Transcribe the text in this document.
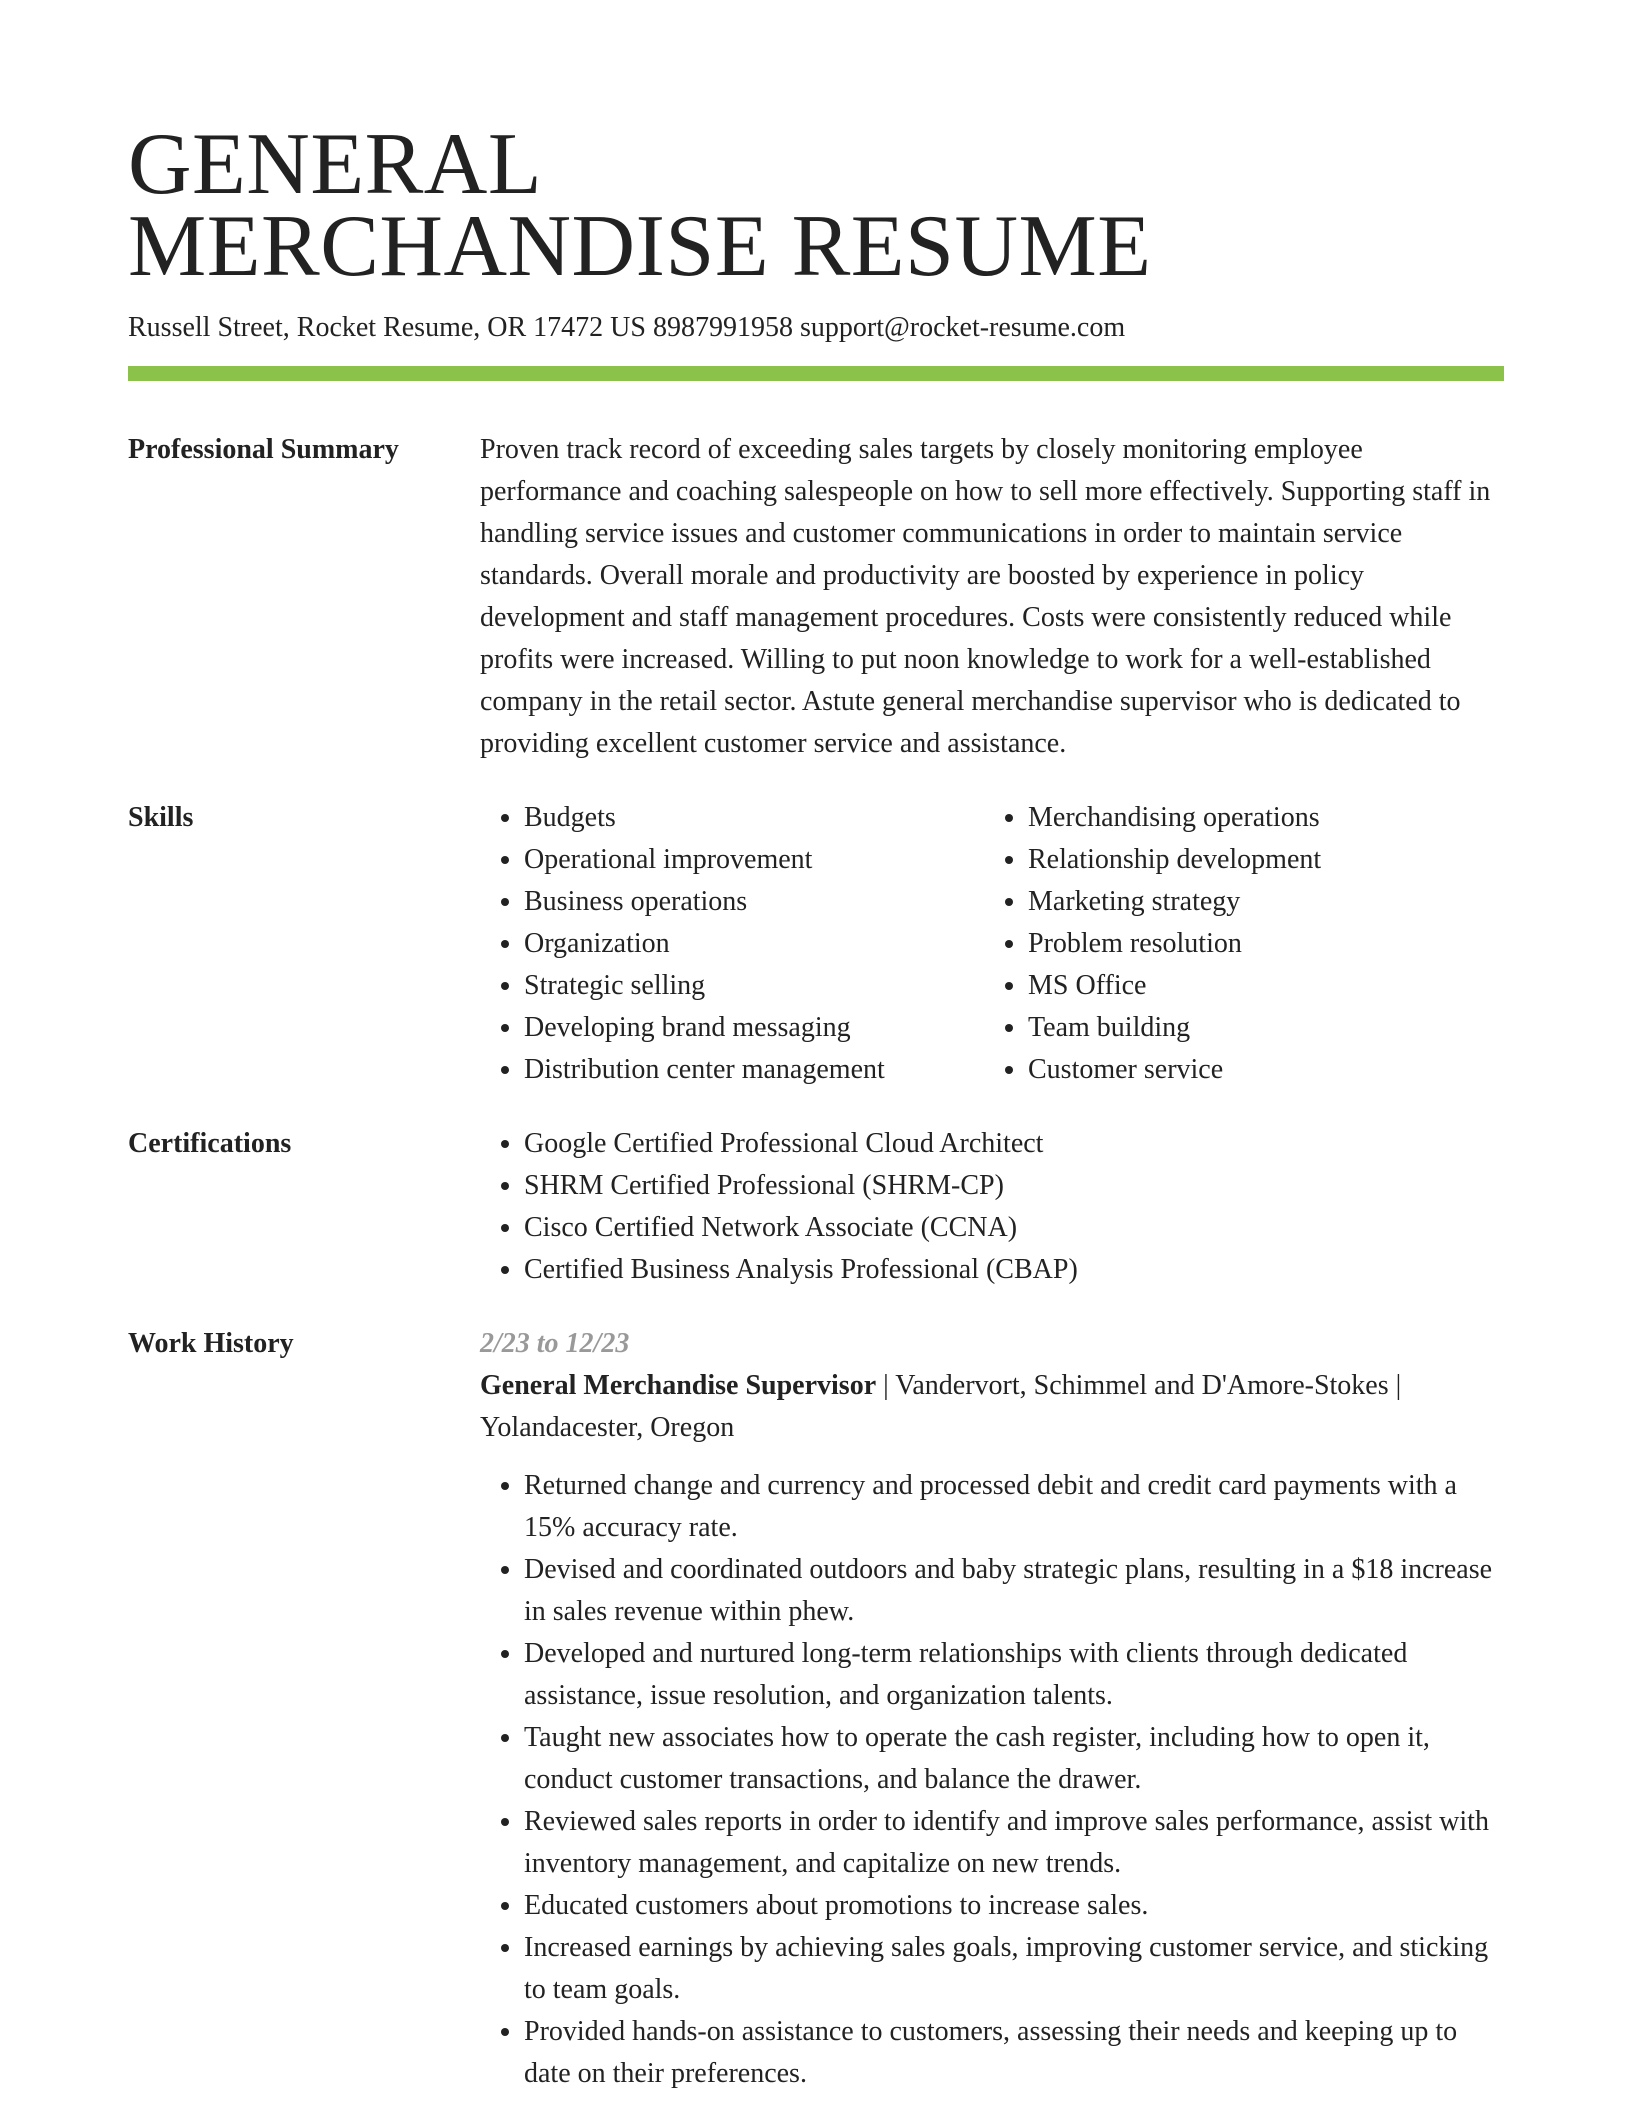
GENERAL
MERCHANDISE RESUME
Russell Street, Rocket Resume, OR 17472 US 8987991958 support@rocket-resume.com
Professional Summary	Proven track record of exceeding sales targets by closely monitoring employee performance and coaching salespeople on how to sell more effectively. Supporting staff in handling service issues and customer communications in order to maintain service standards. Overall morale and productivity are boosted by experience in policy development and staff management procedures. Costs were consistently reduced while profits were increased. Willing to put noon knowledge to work for a well-established company in the retail sector. Astute general merchandise supervisor who is dedicated to providing excellent customer service and assistance.

Skills	• Budgets
• Operational improvement
• Business operations
• Organization
• Strategic selling
• Developing brand messaging
• Distribution center management
• Merchandising operations
• Relationship development
• Marketing strategy
• Problem resolution
• MS Office
• Team building
• Customer service
Certifications	• Google Certified Professional Cloud Architect
• SHRM Certified Professional (SHRM-CP)
• Cisco Certified Network Associate (CCNA)
• Certified Business Analysis Professional (CBAP)
Work History	2/23 to 12/23
General Merchandise Supervisor | Vandervort, Schimmel and D'Amore-Stokes | Yolandacester, Oregon
• Returned change and currency and processed debit and credit card payments with a 15% accuracy rate.
• Devised and coordinated outdoors and baby strategic plans, resulting in a $18 increase in sales revenue within phew.
• Developed and nurtured long-term relationships with clients through dedicated assistance, issue resolution, and organization talents.
• Taught new associates how to operate the cash register, including how to open it, conduct customer transactions, and balance the drawer.
• Reviewed sales reports in order to identify and improve sales performance, assist with inventory management, and capitalize on new trends.
• Educated customers about promotions to increase sales.
• Increased earnings by achieving sales goals, improving customer service, and sticking to team goals.
• Provided hands-on assistance to customers, assessing their needs and keeping up to date on their preferences.
